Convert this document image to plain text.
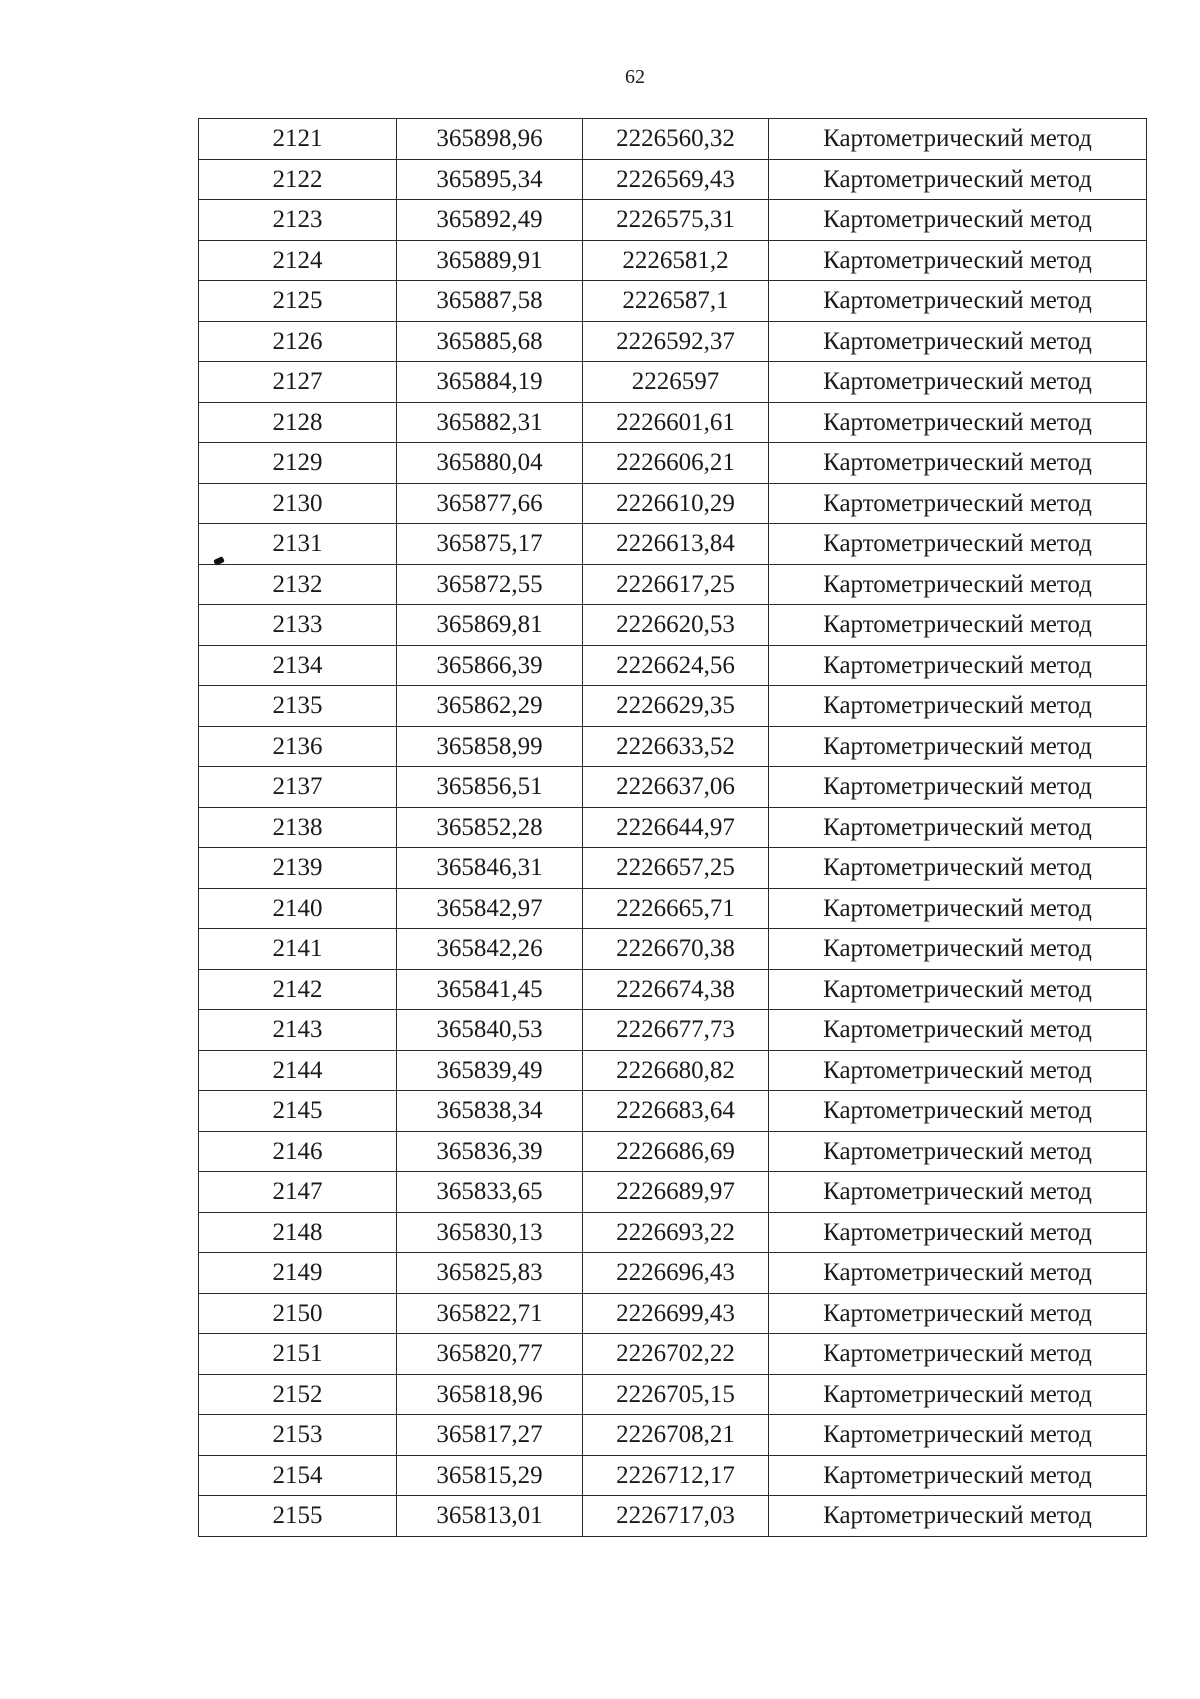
62
2121	365898,96	2226560,32	Картометрический метод
2122	365895,34	2226569,43	Картометрический метод
2123	365892,49	2226575,31	Картометрический метод
2124	365889,91	2226581,2	Картометрический метод
2125	365887,58	2226587,1	Картометрический метод
2126	365885,68	2226592,37	Картометрический метод
2127	365884,19	2226597	Картометрический метод
2128	365882,31	2226601,61	Картометрический метод
2129	365880,04	2226606,21	Картометрический метод
2130	365877,66	2226610,29	Картометрический метод
2131	365875,17	2226613,84	Картометрический метод
2132	365872,55	2226617,25	Картометрический метод
2133	365869,81	2226620,53	Картометрический метод
2134	365866,39	2226624,56	Картометрический метод
2135	365862,29	2226629,35	Картометрический метод
2136	365858,99	2226633,52	Картометрический метод
2137	365856,51	2226637,06	Картометрический метод
2138	365852,28	2226644,97	Картометрический метод
2139	365846,31	2226657,25	Картометрический метод
2140	365842,97	2226665,71	Картометрический метод
2141	365842,26	2226670,38	Картометрический метод
2142	365841,45	2226674,38	Картометрический метод
2143	365840,53	2226677,73	Картометрический метод
2144	365839,49	2226680,82	Картометрический метод
2145	365838,34	2226683,64	Картометрический метод
2146	365836,39	2226686,69	Картометрический метод
2147	365833,65	2226689,97	Картометрический метод
2148	365830,13	2226693,22	Картометрический метод
2149	365825,83	2226696,43	Картометрический метод
2150	365822,71	2226699,43	Картометрический метод
2151	365820,77	2226702,22	Картометрический метод
2152	365818,96	2226705,15	Картометрический метод
2153	365817,27	2226708,21	Картометрический метод
2154	365815,29	2226712,17	Картометрический метод
2155	365813,01	2226717,03	Картометрический метод
